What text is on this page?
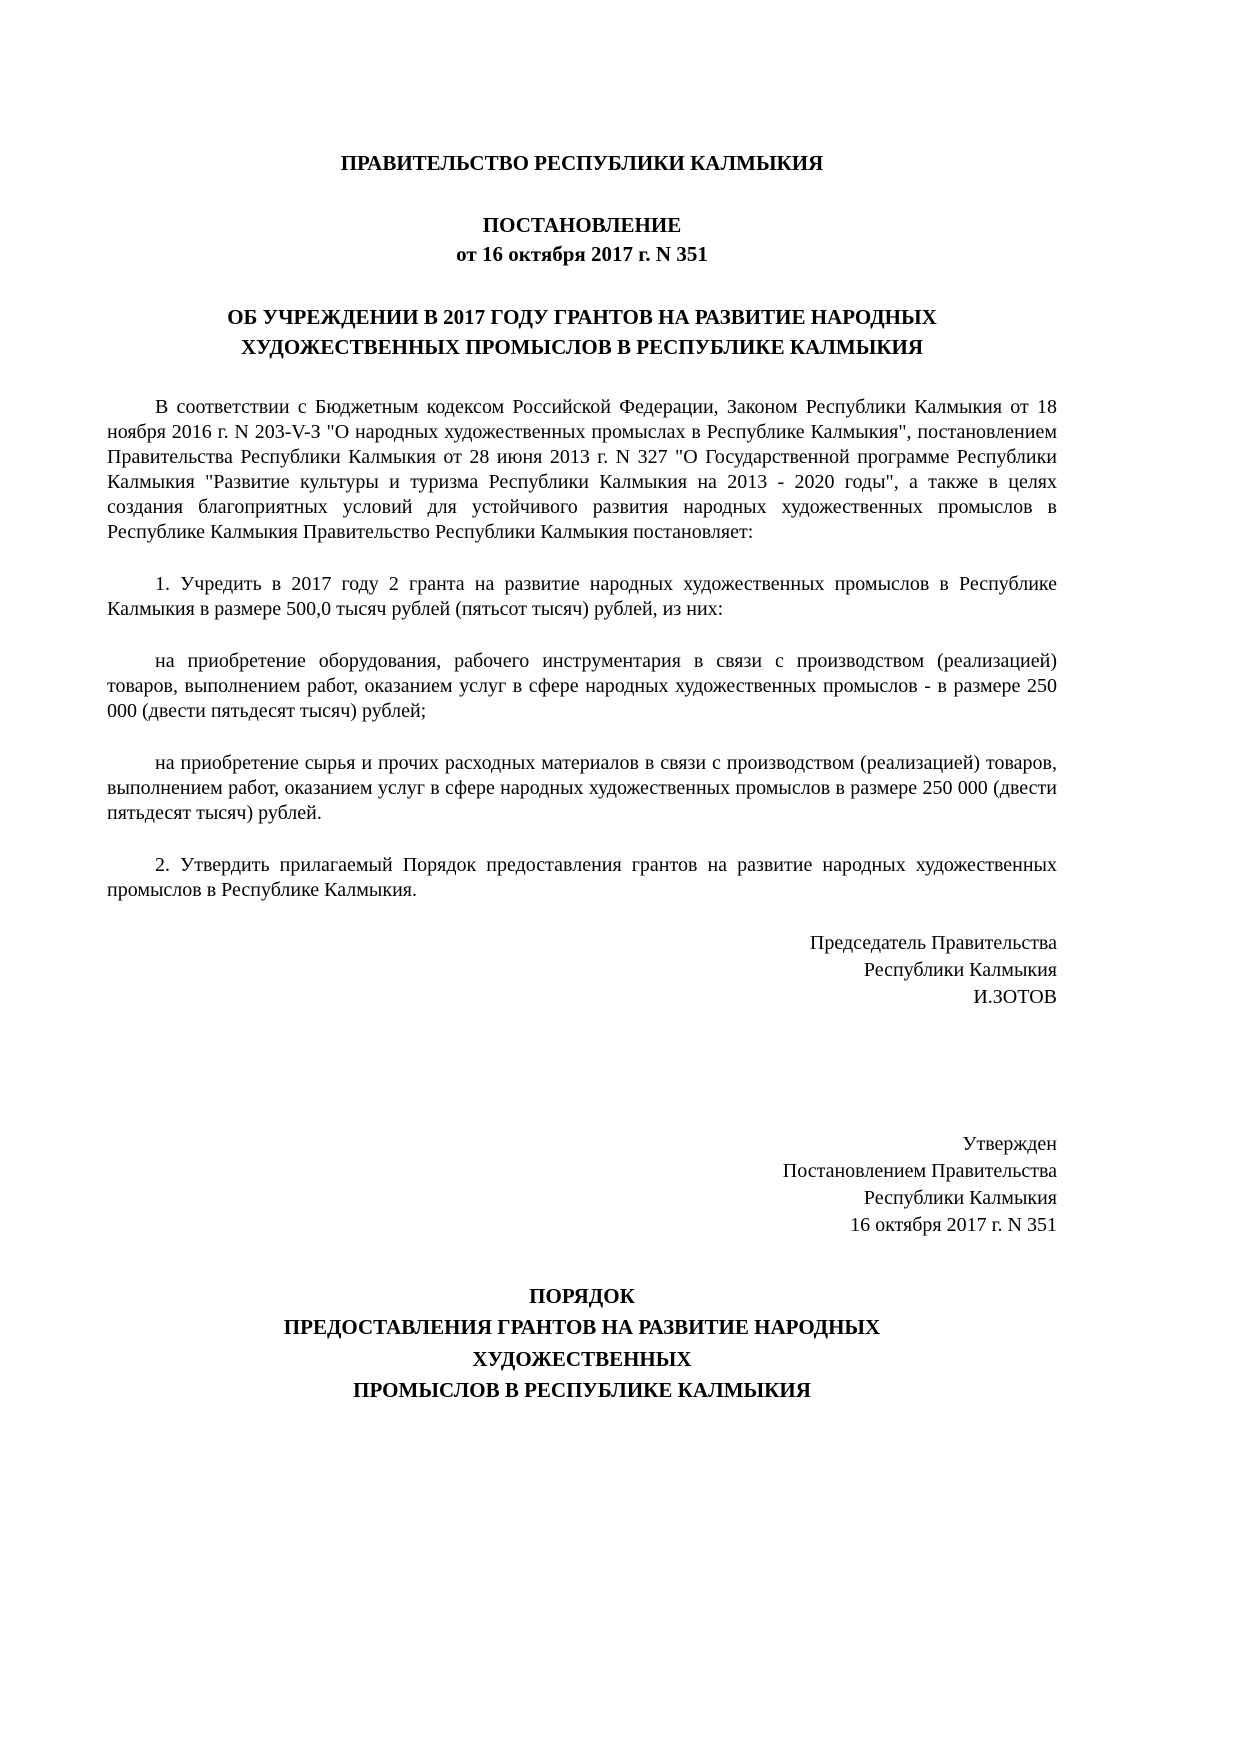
ПРАВИТЕЛЬСТВО РЕСПУБЛИКИ КАЛМЫКИЯ
ПОСТАНОВЛЕНИЕ
от 16 октября 2017 г. N 351
ОБ УЧРЕЖДЕНИИ В 2017 ГОДУ ГРАНТОВ НА РАЗВИТИЕ НАРОДНЫХ
ХУДОЖЕСТВЕННЫХ ПРОМЫСЛОВ В РЕСПУБЛИКЕ КАЛМЫКИЯ

В соответствии с Бюджетным кодексом Российской Федерации, Законом Республики Калмыкия от 18 ноября 2016 г. N 203-V-З "О народных художественных промыслах в Республике Калмыкия", постановлением Правительства Республики Калмыкия от 28 июня 2013 г. N 327 "О Государственной программе Республики Калмыкия "Развитие культуры и туризма Республики Калмыкия на 2013 - 2020 годы", а также в целях создания благоприятных условий для устойчивого развития народных художественных промыслов в Республике Калмыкия Правительство Республики Калмыкия постановляет:

1. Учредить в 2017 году 2 гранта на развитие народных художественных промыслов в Республике Калмыкия в размере 500,0 тысяч рублей (пятьсот тысяч) рублей, из них:

на приобретение оборудования, рабочего инструментария в связи с производством (реализацией) товаров, выполнением работ, оказанием услуг в сфере народных художественных промыслов - в размере 250 000 (двести пятьдесят тысяч) рублей;

на приобретение сырья и прочих расходных материалов в связи с производством (реализацией) товаров, выполнением работ, оказанием услуг в сфере народных художественных промыслов в размере 250 000 (двести пятьдесят тысяч) рублей.

2. Утвердить прилагаемый Порядок предоставления грантов на развитие народных художественных промыслов в Республике Калмыкия.

Председатель Правительства
Республики Калмыкия
И.ЗОТОВ
Утвержден
Постановлением Правительства
Республики Калмыкия
16 октября 2017 г. N 351
ПОРЯДОК
ПРЕДОСТАВЛЕНИЯ ГРАНТОВ НА РАЗВИТИЕ НАРОДНЫХ
ХУДОЖЕСТВЕННЫХ
ПРОМЫСЛОВ В РЕСПУБЛИКЕ КАЛМЫКИЯ
